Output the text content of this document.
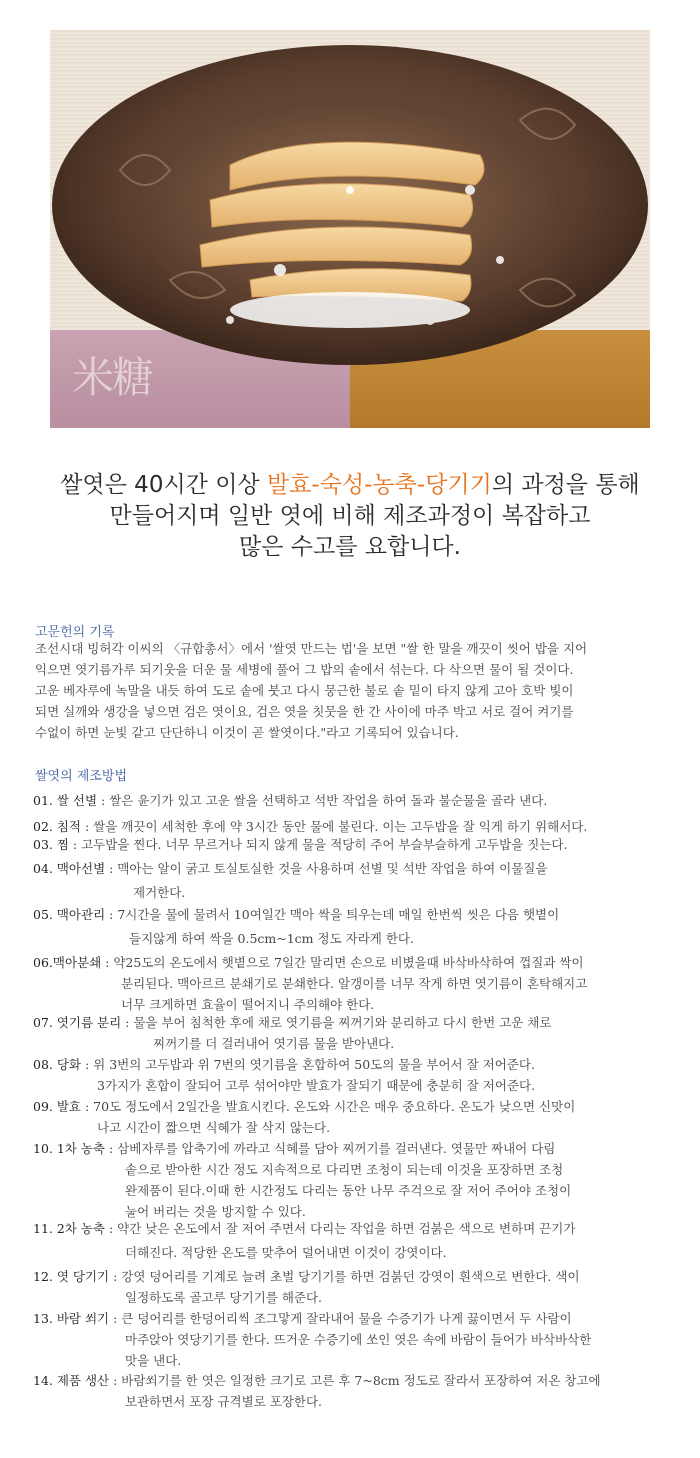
米糖
쌀엿은 40시간 이상 발효-숙성-농축-당기기의 과정을 통해
만들어지며 일반 엿에 비해 제조과정이 복잡하고
많은 수고를 요합니다.
고문헌의 기록
조선시대 빙허각 이씨의 〈규합총서〉에서 '쌀엿 만드는 법'을 보면 "쌀 한 말을 깨끗이 씻어 밥을 지어
익으면 엿기름가루 되기웃을 더운 물 세병에 풀어 그 밥의 솥에서 섞는다. 다 삭으면 물이 될 것이다.
고운 베자루에 녹말을 내듯 하여 도로 솥에 붓고 다시 뭉근한 불로 솥 밑이 타지 않게 고아 호박 빛이
되면 실깨와 생강을 넣으면 검은 엿이요, 검은 엿을 칫뭇을 한 간 사이에 마주 박고 서로 걸어 켜기를
수없이 하면 눈빛 같고 단단하니 이것이 곧 쌀엿이다."라고 기록되어 있습니다.
쌀엿의 제조방법
01. 쌀 선별 : 쌀은 윤기가 있고 고운 쌀을 선택하고 석반 작업을 하여 돌과 불순물을 골라 낸다.
02. 침적 : 쌀을 깨끗이 세척한 후에 약 3시간 동안 물에 불린다. 이는 고두밥을 잘 익게 하기 위해서다.
03. 찜 : 고두밥을 찐다. 너무 무르거나 되지 않게 물을 적당히 주어 부슬부슬하게 고두밥을 짓는다.
04. 맥아선별 : 맥아는 알이 굵고 토실토실한 것을 사용하며 선별 및 석반 작업을 하여 이물질을
제거한다.
05. 맥아관리 : 7시간을 물에 물려서 10여일간 맥아 싹을 틔우는데 매일 한번씩 씻은 다음 햇볕이
들지않게 하여 싹을 0.5cm~1cm 정도 자라게 한다.
06.맥아분쇄 : 약25도의 온도에서 햇볕으로 7일간 말리면 손으로 비볐을때 바삭바삭하여 껍질과 싹이
분리된다. 맥아르르 분쇄기로 분쇄한다. 알갱이를 너무 작게 하면 엿기름이 혼탁해지고
너무 크게하면 효율이 떨어지니 주의해야 한다.
07. 엿기름 분리 : 물을 부어 침척한 후에 채로 엿기름을 찌꺼기와 분리하고 다시 한번 고운 채로
찌꺼기를 더 걸러내어 엿기름 물을 받아낸다.
08. 당화 : 위 3번의 고두밥과 위 7번의 엿기름을 혼합하여 50도의 물을 부어서 잘 저어준다.
3가지가 혼합이 잘되어 고루 섞어야만 발효가 잘되기 때문에 충분히 잘 저어준다.
09. 발효 : 70도 정도에서 2일간을 발효시킨다. 온도와 시간은 매우 중요하다. 온도가 낮으면 신맛이
나고 시간이 짧으면 식혜가 잘 삭지 않는다.
10. 1차 농축 : 삼베자루를 압축기에 까라고 식혜를 담아 찌꺼기를 걸러낸다. 엿물만 짜내어 다림
솥으로 받아한 시간 정도 지속적으로 다리면 조청이 되는데 이것을 포장하면 조청
완제품이 된다.이때 한 시간정도 다리는 동안 나무 주걱으로 잘 저어 주어야 조청이
눌어 버리는 것을 방지할 수 있다.
11. 2차 농축 : 약간 낮은 온도에서 잘 저어 주면서 다리는 작업을 하면 검붉은 색으로 변하며 끈기가
더해진다. 적당한 온도를 맞추어 덜어내면 이것이 강엿이다.
12. 엿 당기기 : 강엿 덩어리를 기계로 늘려 초벌 당기기를 하면 검붉던 강엿이 흰색으로 변한다. 색이
일정하도록 골고루 당기기를 해준다.
13. 바람 쐬기 : 큰 덩어리를 한덩어리씩 조그맣게 잘라내어 물을 수증기가 나게 끓이면서 두 사람이
마주앉아 엿당기기를 한다. 뜨거운 수증기에 쏘인 엿은 속에 바람이 들어가 바삭바삭한
맛을 낸다.
14. 제품 생산 : 바람쐬기를 한 엿은 일정한 크기로 고른 후 7~8cm 정도로 잘라서 포장하여 저온 창고에
보관하면서 포장 규격별로 포장한다.
